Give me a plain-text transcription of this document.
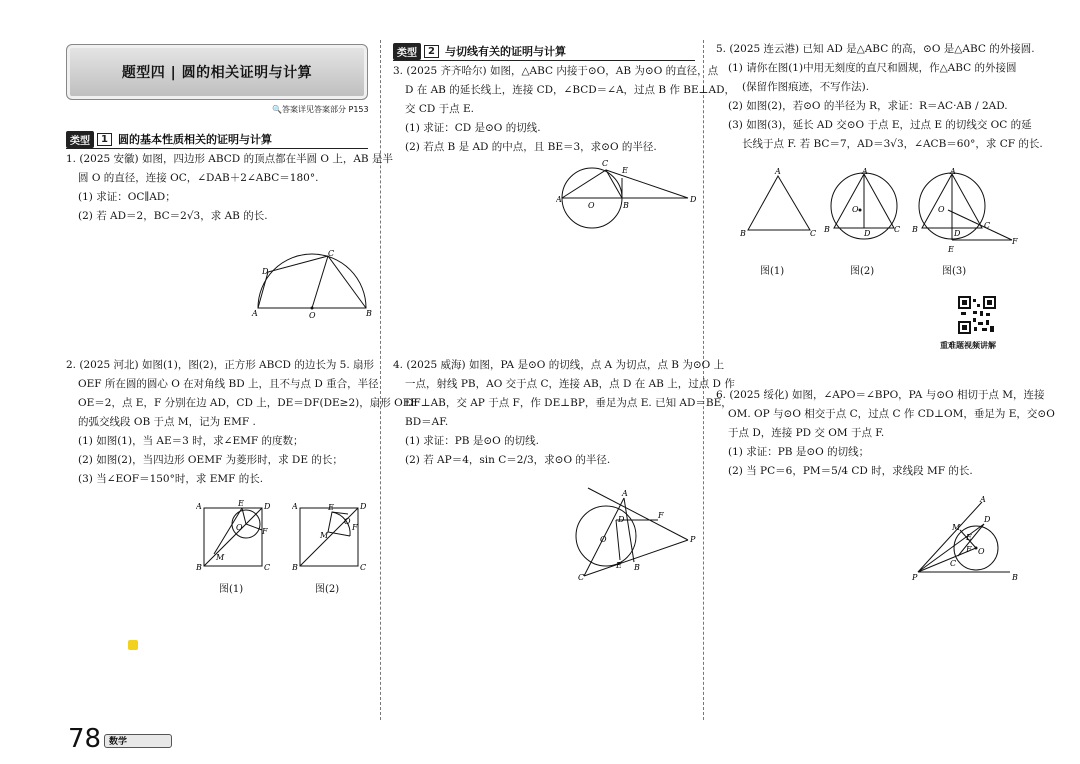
题型四 | 圆的相关证明与计算
🔍答案详见答案部分 P153
类型	1 圆的基本性质相关的证明与计算
类型	2 与切线有关的证明与计算
1. (2025 安徽) 如图，四边形 ABCD 的顶点都在半圆 O 上，AB 是半
圆 O 的直径，连接 OC，∠DAB＋2∠ABC＝180°.
(1) 求证：OC∥AD；
(2) 若 AD＝2，BC＝2√3，求 AB 的长.
A	B
O
D
C
2. (2025 河北) 如图(1)，图(2)，正方形 ABCD 的边长为 5. 扇形
OEF 所在圆的圆心 O 在对角线 BD 上，且不与点 D 重合，半径
OE＝2，点 E，F 分别在边 AD，CD 上，DE＝DF(DE≥2)，扇形 OEF
的弧交线段 OB 于点 M，记为 EMF .
(1) 如图(1)，当 AE＝3 时，求∠EMF 的度数；
(2) 如图(2)，当四边形 OEMF 为菱形时，求 DE 的长；
(3) 当∠EOF＝150°时，求 EMF 的长.
A	D
B	C
E
F
M
O
图(1)
A	D
B	C
E
F
M
O
图(2)
3. (2025 齐齐哈尔) 如图，△ABC 内接于⊙O，AB 为⊙O 的直径，点
D 在 AB 的延长线上，连接 CD，∠BCD＝∠A，过点 B 作 BE⊥AD，
交 CD 于点 E.
(1) 求证：CD 是⊙O 的切线.
(2) 若点 B 是 AD 的中点，且 BE＝3，求⊙O 的半径.
A	D
C
E
B
O
4. (2025 威海) 如图，PA 是⊙O 的切线，点 A 为切点，点 B 为⊙O 上
一点，射线 PB，AO 交于点 C，连接 AB，点 D 在 AB 上，过点 D 作
DF⊥AB，交 AP 于点 F，作 DE⊥BP，垂足为点 E. 已知 AD＝BE，
BD＝AF.
(1) 求证：PB 是⊙O 的切线.
(2) 若 AP＝4，sin C＝2/3，求⊙O 的半径.
A
P
C
B
E
F
D
O
5. (2025 连云港) 已知 AD 是△ABC 的高，⊙O 是△ABC 的外接圆.
(1) 请你在图(1)中用无刻度的直尺和圆规，作△ABC 的外接圆
(保留作图痕迹，不写作法).
(2) 如图(2)，若⊙O 的半径为 R，求证：R＝AC·AB / 2AD.
(3) 如图(3)，延长 AD 交⊙O 于点 E，过点 E 的切线交 OC 的延
长线于点 F. 若 BC＝7，AD＝3√3，∠ACB＝60°，求 CF 的长.
A
B	C
图(1)
A
B	C
D
O
图(2)
A
B	C
D
E
F
O
图(3)
重难题视频讲解
6. (2025 绥化) 如图，∠APO＝∠BPO，PA 与⊙O 相切于点 M，连接
OM. OP 与⊙O 相交于点 C，过点 C 作 CD⊥OM，垂足为 E，交⊙O
于点 D，连接 PD 交 OM 于点 F.
(1) 求证：PB 是⊙O 的切线；
(2) 当 PC＝6，PM＝5/4 CD 时，求线段 MF 的长.
A
B
P
M
D
E
F O
C
78 数学
